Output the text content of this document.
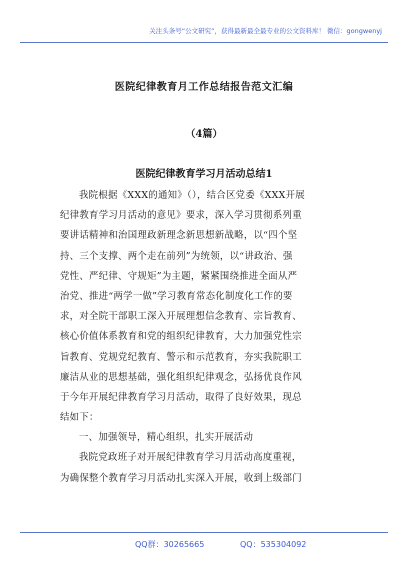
关注头条号“公文研究”，获得最新最全最专业的公文资料库！ 微信：gongwenyj
医院纪律教育月工作总结报告范文汇编
（4篇）
医院纪律教育学习月活动总结1
我院根据《XXX的通知》（），结合区党委《XXX开展
纪律教育学习月活动的意见》要求，深入学习贯彻系列重
要讲话精神和治国理政新理念新思想新战略，以“四个坚
持、三个支撑、两个走在前列”为统领，以“讲政治、强
党性、严纪律、守规矩”为主题，紧紧围绕推进全面从严
治党、推进“两学一做”学习教育常态化制度化工作的要
求，对全院干部职工深入开展理想信念教育、宗旨教育、
核心价值体系教育和党的组织纪律教育，大力加强党性宗
旨教育、党规党纪教育、警示和示范教育，夯实我院职工
廉洁从业的思想基础，强化组织纪律观念，弘扬优良作风
于今年开展纪律教育学习月活动，取得了良好效果，现总
结如下：
一、加强领导，精心组织，扎实开展活动
我院党政班子对开展纪律教育学习月活动高度重视，
为确保整个教育学习月活动扎实深入开展，收到上级部门
QQ群：30265665	QQ：535304092
